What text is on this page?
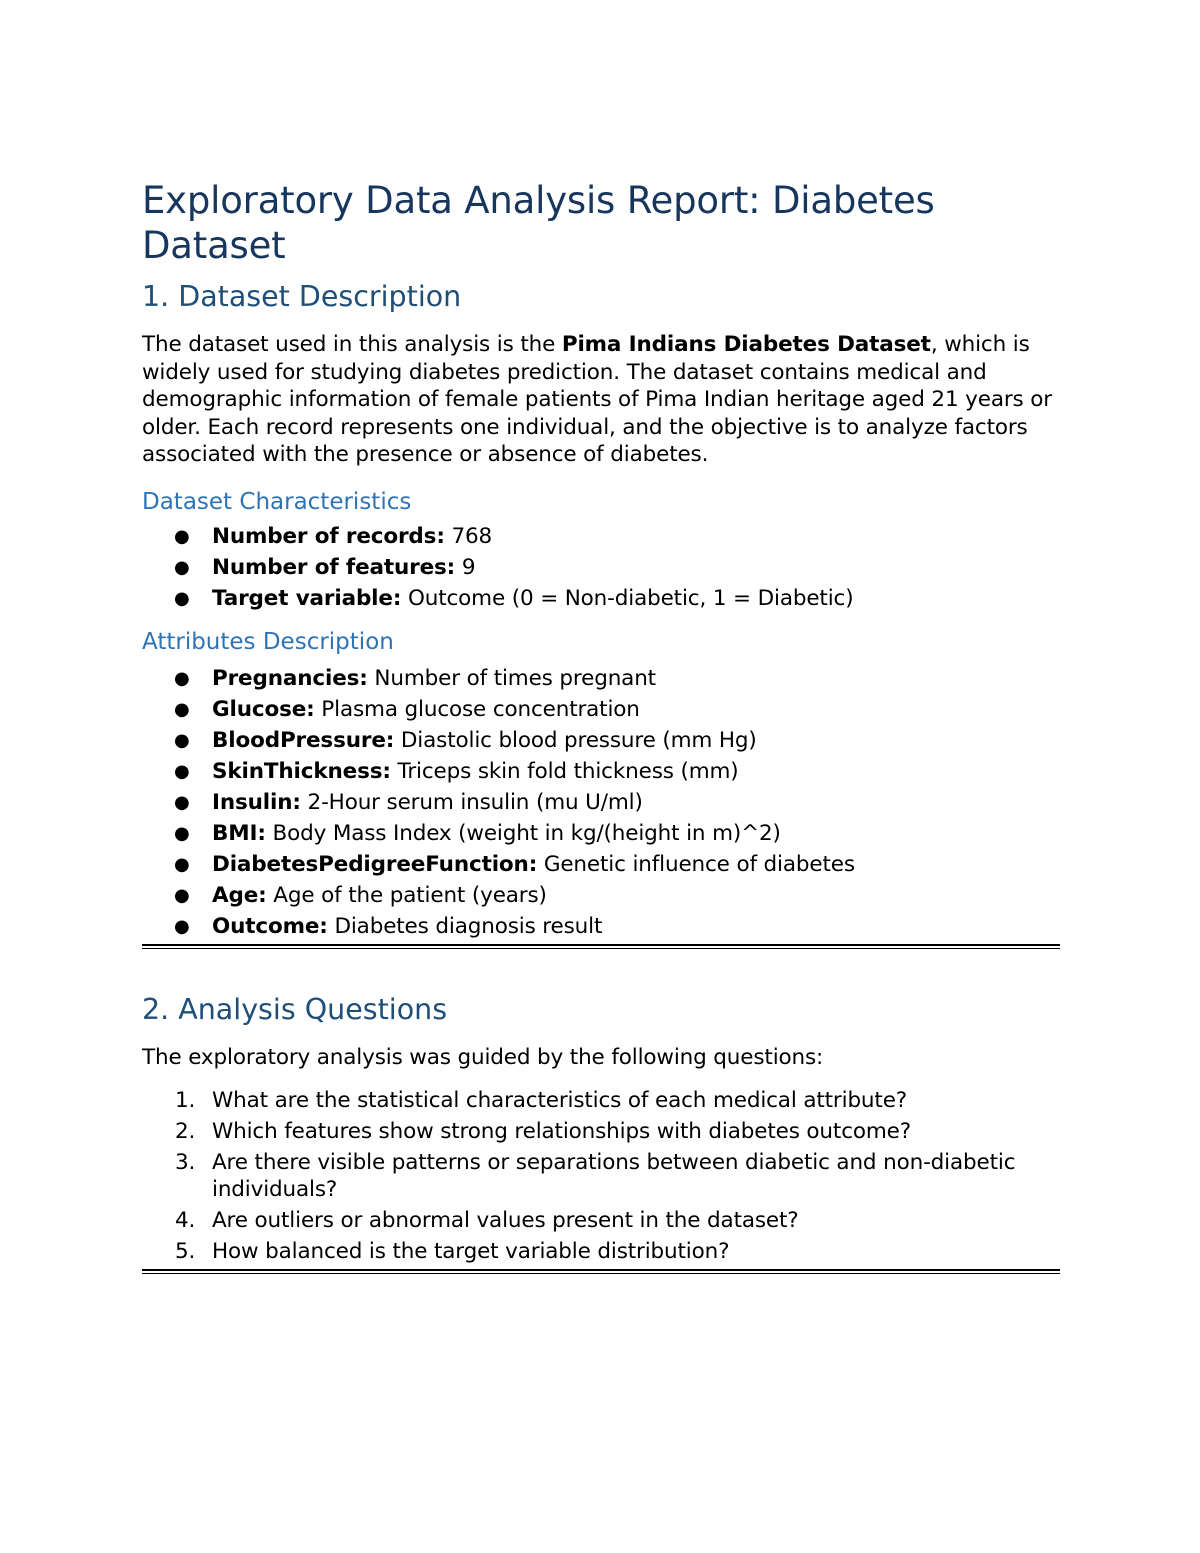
Exploratory Data Analysis Report: Diabetes Dataset
1. Dataset Description

The dataset used in this analysis is the Pima Indians Diabetes Dataset, which is widely used for studying diabetes prediction. The dataset contains medical and demographic information of female patients of Pima Indian heritage aged 21 years or older. Each record represents one individual, and the objective is to analyze factors associated with the presence or absence of diabetes.

Dataset Characteristics
● Number of records: 768
● Number of features: 9
● Target variable: Outcome (0 = Non-diabetic, 1 = Diabetic)
Attributes Description
● Pregnancies: Number of times pregnant
● Glucose: Plasma glucose concentration
● BloodPressure: Diastolic blood pressure (mm Hg)
● SkinThickness: Triceps skin fold thickness (mm)
● Insulin: 2-Hour serum insulin (mu U/ml)
● BMI: Body Mass Index (weight in kg/(height in m)^2)
● DiabetesPedigreeFunction: Genetic influence of diabetes
● Age: Age of the patient (years)
● Outcome: Diabetes diagnosis result
2. Analysis Questions

The exploratory analysis was guided by the following questions:

1. What are the statistical characteristics of each medical attribute?
2. Which features show strong relationships with diabetes outcome?
3. Are there visible patterns or separations between diabetic and non-diabetic individuals?
4. Are outliers or abnormal values present in the dataset?
5. How balanced is the target variable distribution?
